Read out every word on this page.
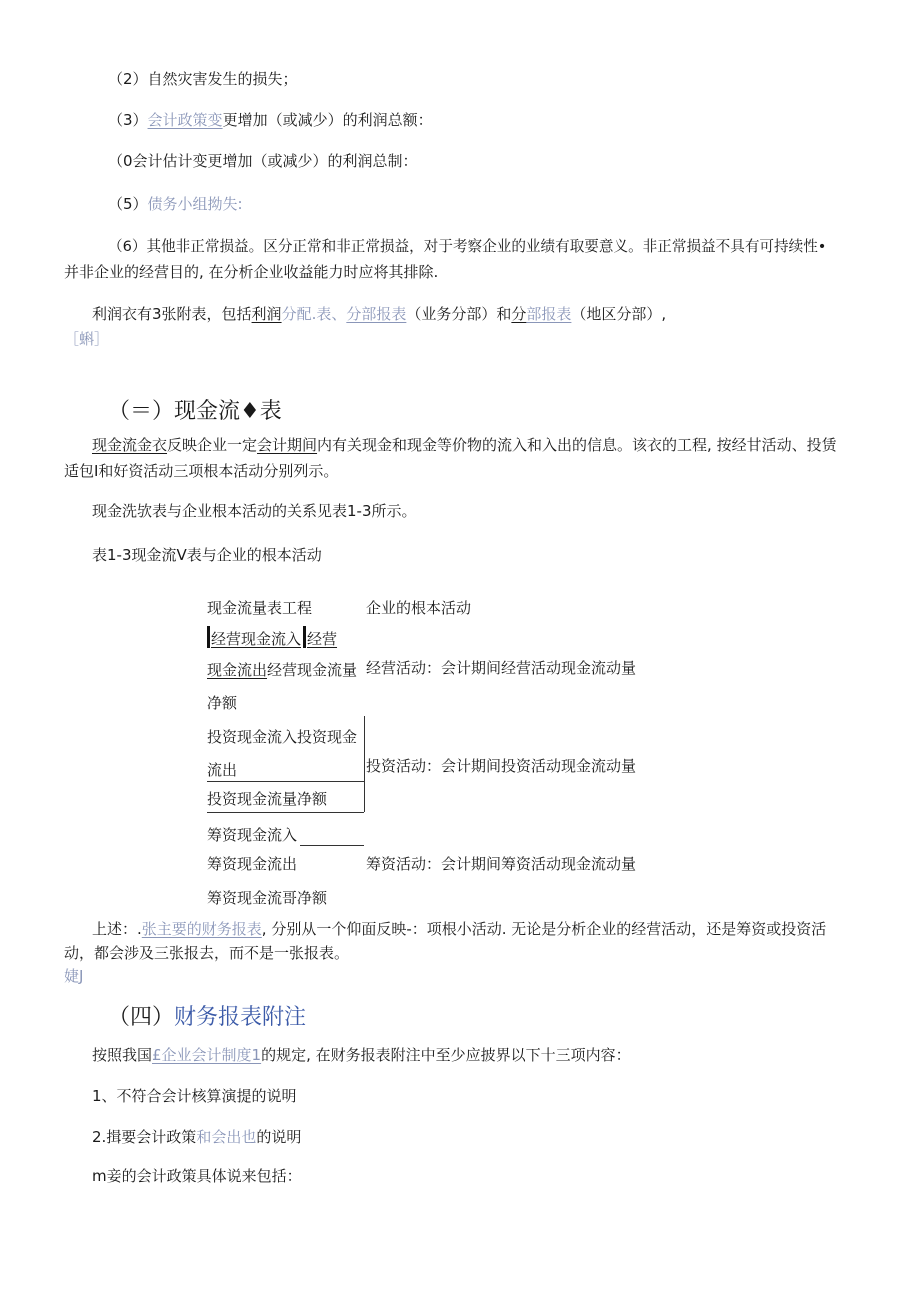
（2）自然灾害发生的损失；
（3）会计政策变更增加（或减少）的利润总额：
（0会计估计变更增加（或减少）的利润总制：
（5）债务小组拗失:
（6）其他非正常损益。区分正常和非正常损益，对于考察企业的业绩有取要意义。非正常损益不具有可持续性•
并非企业的经营目的, 在分析企业收益能力时应将其排除.
利润衣有3张附表，包括利润分配.表、分部报表（业务分部）和分部报表（地区分部）,
［蝌］
（＝）现金流♦表
现金流金衣反映企业一定会计期间内有关现金和现金等价物的流入和入出的信息。该衣的工程, 按经甘活动、投赁
适包I和好资活动三项根本活动分别列示。
现金洗欤表与企业根本活动的关系见表1-3所示。
表1-3现金流V表与企业的根本活动
现金流量表工程	企业的根本活动
经营现金流入 经营
现金流出经营现金流量 经营活动：会计期间经营活动现金流动量
净额
投资现金流入投资现金
流出	投资活动：会计期间投资活动现金流动量
投资现金流量净额
筹资现金流入
筹资现金流出	筹资活动：会计期间筹资活动现金流动量
筹资现金流哥净额
上述：.张主要的财务报表, 分别从一个仰面反映-：项根小活动. 无论是分析企业的经营活动，还是筹资或投资活
动，都会涉及三张报去，而不是一张报表。
婕J
（四）财务报表附注
按照我国£企业会计制度1的规定, 在财务报表附注中至少应披界以下十三项内容：
1、不符合会计核算演提的说明
2.揖要会计政策和会出也的说明
m妾的会计政策具体说来包括：
